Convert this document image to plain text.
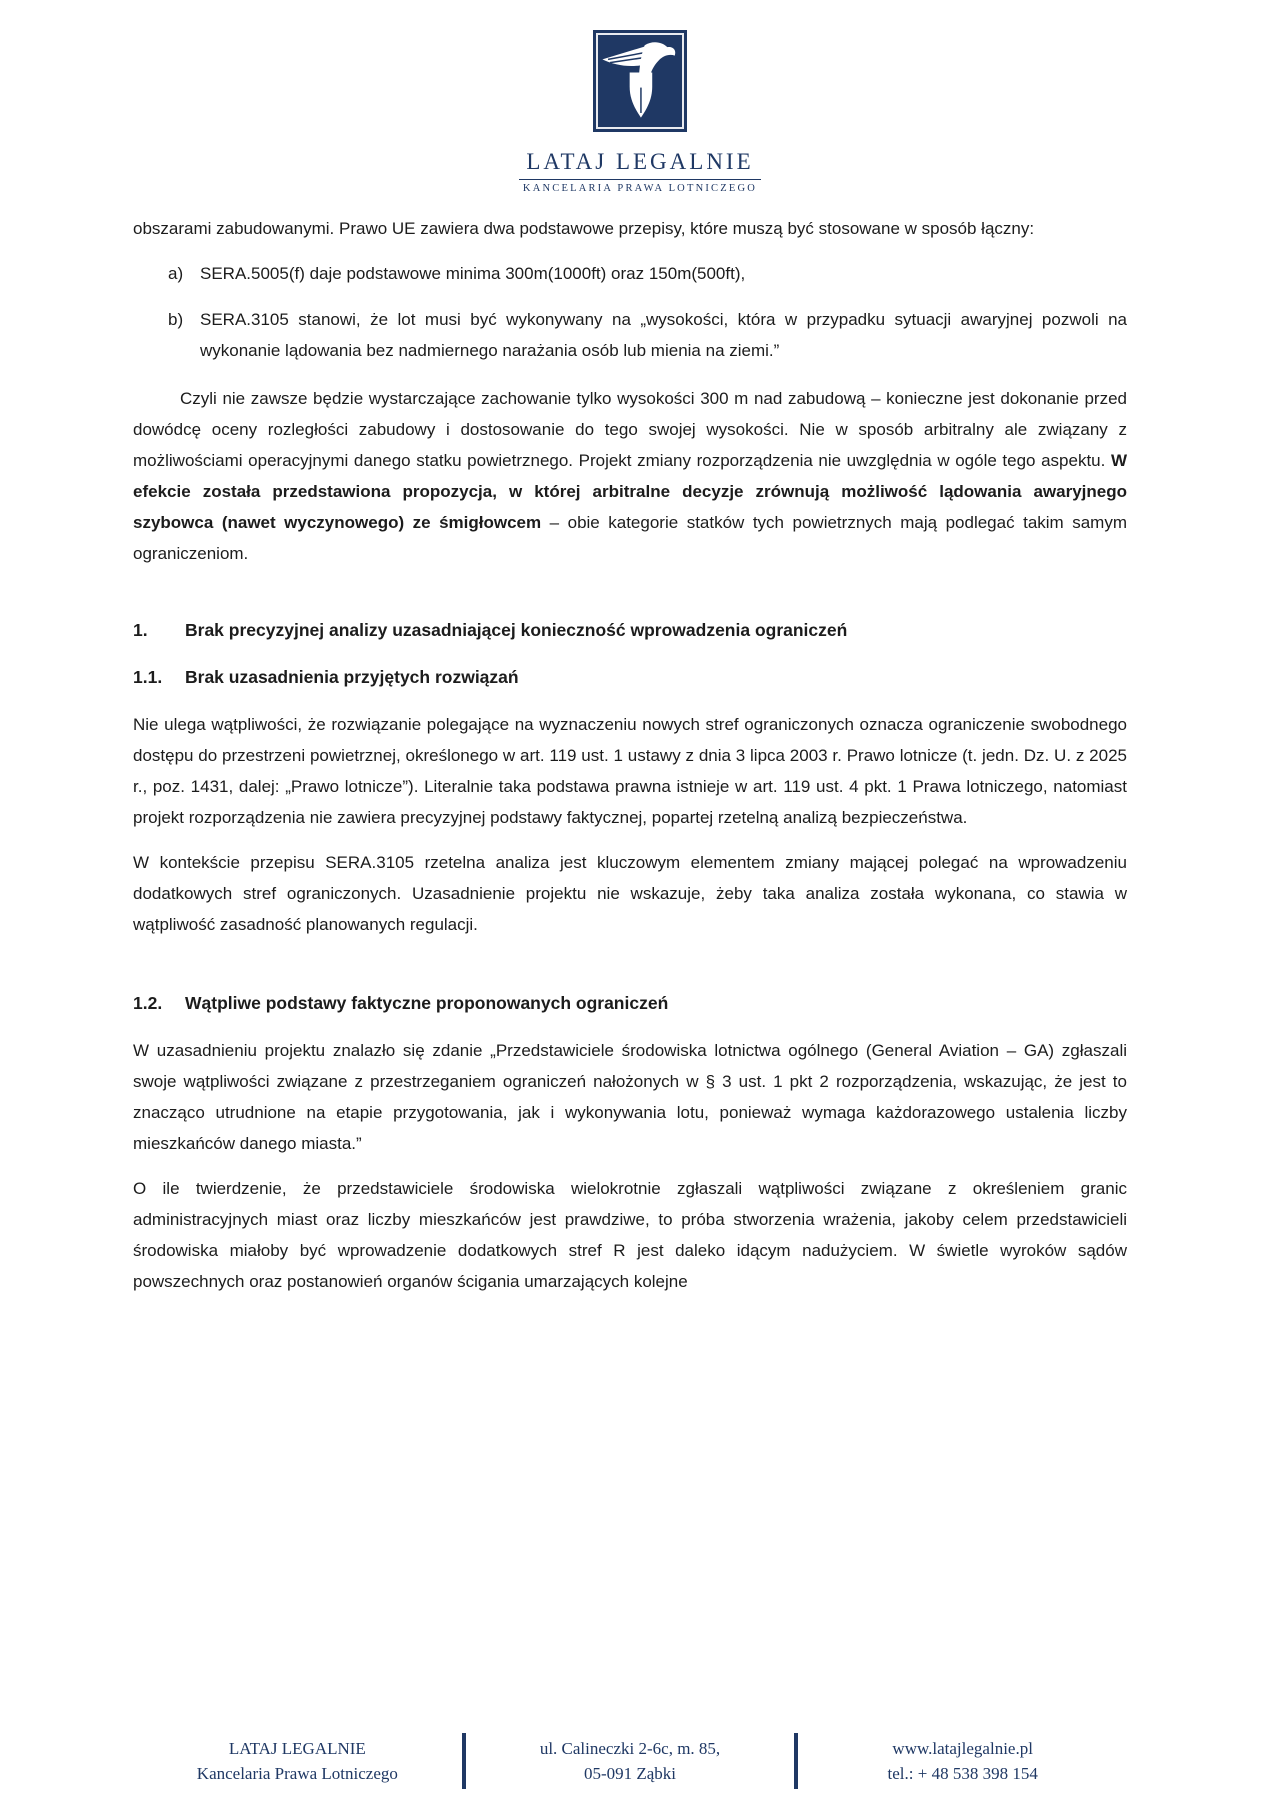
LATAJ LEGALNIE
KANCELARIA PRAWA LOTNICZEGO

obszarami zabudowanymi. Prawo UE zawiera dwa podstawowe przepisy, które muszą być stosowane w sposób łączny:

a) SERA.5005(f) daje podstawowe minima 300m(1000ft) oraz 150m(500ft),
b) SERA.3105 stanowi, że lot musi być wykonywany na „wysokości, która w przypadku sytuacji awaryjnej pozwoli na wykonanie lądowania bez nadmiernego narażania osób lub mienia na ziemi.”

Czyli nie zawsze będzie wystarczające zachowanie tylko wysokości 300 m nad zabudową – konieczne jest dokonanie przed dowódcę oceny rozległości zabudowy i dostosowanie do tego swojej wysokości. Nie w sposób arbitralny ale związany z możliwościami operacyjnymi danego statku powietrznego. Projekt zmiany rozporządzenia nie uwzględnia w ogóle tego aspektu. W efekcie została przedstawiona propozycja, w której arbitralne decyzje zrównują możliwość lądowania awaryjnego szybowca (nawet wyczynowego) ze śmigłowcem – obie kategorie statków tych powietrznych mają podlegać takim samym ograniczeniom.

1. Brak precyzyjnej analizy uzasadniającej konieczność wprowadzenia ograniczeń
1.1. Brak uzasadnienia przyjętych rozwiązań

Nie ulega wątpliwości, że rozwiązanie polegające na wyznaczeniu nowych stref ograniczonych oznacza ograniczenie swobodnego dostępu do przestrzeni powietrznej, określonego w art. 119 ust. 1 ustawy z dnia 3 lipca 2003 r. Prawo lotnicze (t. jedn. Dz. U. z 2025 r., poz. 1431, dalej: „Prawo lotnicze”). Literalnie taka podstawa prawna istnieje w art. 119 ust. 4 pkt. 1 Prawa lotniczego, natomiast projekt rozporządzenia nie zawiera precyzyjnej podstawy faktycznej, popartej rzetelną analizą bezpieczeństwa.

W kontekście przepisu SERA.3105 rzetelna analiza jest kluczowym elementem zmiany mającej polegać na wprowadzeniu dodatkowych stref ograniczonych. Uzasadnienie projektu nie wskazuje, żeby taka analiza została wykonana, co stawia w wątpliwość zasadność planowanych regulacji.

1.2. Wątpliwe podstawy faktyczne proponowanych ograniczeń

W uzasadnieniu projektu znalazło się zdanie „Przedstawiciele środowiska lotnictwa ogólnego (General Aviation – GA) zgłaszali swoje wątpliwości związane z przestrzeganiem ograniczeń nałożonych w § 3 ust. 1 pkt 2 rozporządzenia, wskazując, że jest to znacząco utrudnione na etapie przygotowania, jak i wykonywania lotu, ponieważ wymaga każdorazowego ustalenia liczby mieszkańców danego miasta.”

O ile twierdzenie, że przedstawiciele środowiska wielokrotnie zgłaszali wątpliwości związane z określeniem granic administracyjnych miast oraz liczby mieszkańców jest prawdziwe, to próba stworzenia wrażenia, jakoby celem przedstawicieli środowiska miałoby być wprowadzenie dodatkowych stref R jest daleko idącym nadużyciem. W świetle wyroków sądów powszechnych oraz postanowień organów ścigania umarzających kolejne

LATAJ LEGALNIE
Kancelaria Prawa Lotniczego
ul. Calineczki 2-6c, m. 85,
05-091 Ząbki
www.latajlegalnie.pl
tel.: + 48 538 398 154
